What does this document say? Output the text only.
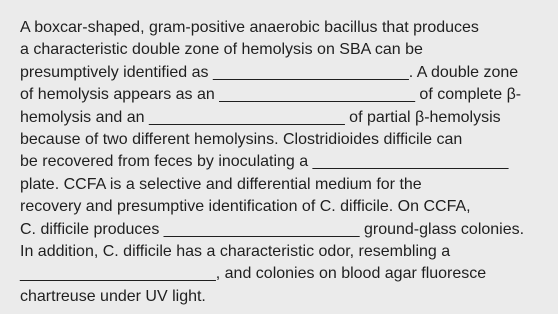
A boxcar-shaped, gram-positive anaerobic bacillus that produces
a characteristic double zone of hemolysis on SBA can be
presumptively identified as ______________________. A double zone
of hemolysis appears as an ______________________ of complete β-
hemolysis and an ______________________ of partial β-hemolysis
because of two different hemolysins. Clostridioides difficile can
be recovered from feces by inoculating a ______________________
plate. CCFA is a selective and differential medium for the
recovery and presumptive identification of C. difficile. On CCFA,
C. difficile produces ______________________ ground-glass colonies.
In addition, C. difficile has a characteristic odor, resembling a
______________________, and colonies on blood agar fluoresce
chartreuse under UV light.
